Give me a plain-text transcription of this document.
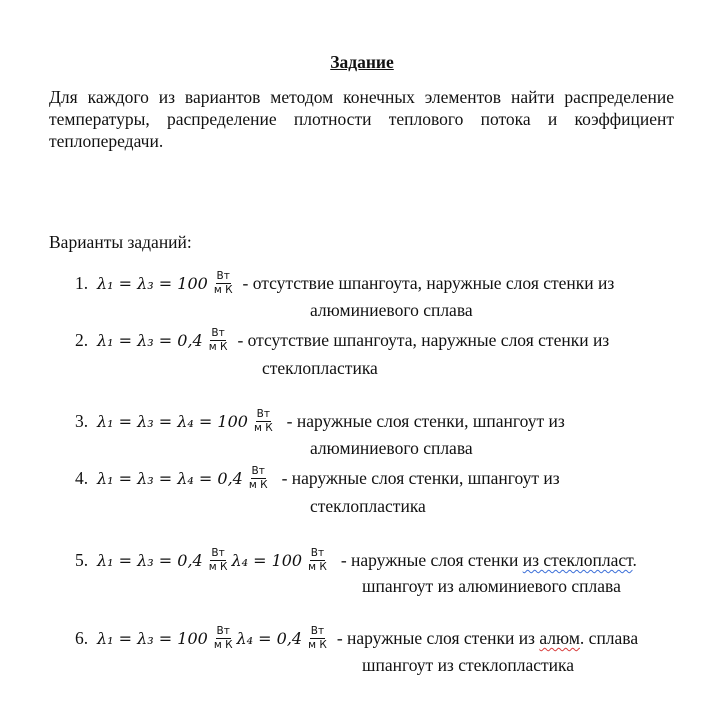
Задание
Для каждого из вариантов методом конечных элементов найти распределение температуры, распределение плотности теплового потока и коэффициент теплопередачи.
Варианты заданий:
1. $\lambda_1 = \lambda_3 = 100 \frac{Вт}{\text{м К}}$ - отсутствие шпангоута, наружные слоя стенки из
алюминиевого сплава
2. $\lambda_1 = \lambda_3 = 0,4 \frac{Вт}{\text{м К}}$ - отсутствие шпангоута, наружные слоя стенки из
стеклопластика
3. $\lambda_1 = \lambda_3 = \lambda_4 = 100 \frac{Вт}{\text{м К}}$ - наружные слоя стенки, шпангоут из
алюминиевого сплава
4. $\lambda_1 = \lambda_3 = \lambda_4 = 0,4 \frac{Вт}{\text{м К}}$ - наружные слоя стенки, шпангоут из
стеклопластика
5. $\lambda_1 = \lambda_3 = 0,4 \frac{Вт}{\text{м К}} \lambda_4 = 100 \frac{Вт}{\text{м К}}$ - наружные слоя стенки из стеклопласт.
шпангоут из алюминиевого сплава
6. $\lambda_1 = \lambda_3 = 100 \frac{Вт}{\text{м К}} \lambda_4 = 0,4 \frac{Вт}{\text{м К}}$ - наружные слоя стенки из алюм. сплава
шпангоут из стеклопластика
